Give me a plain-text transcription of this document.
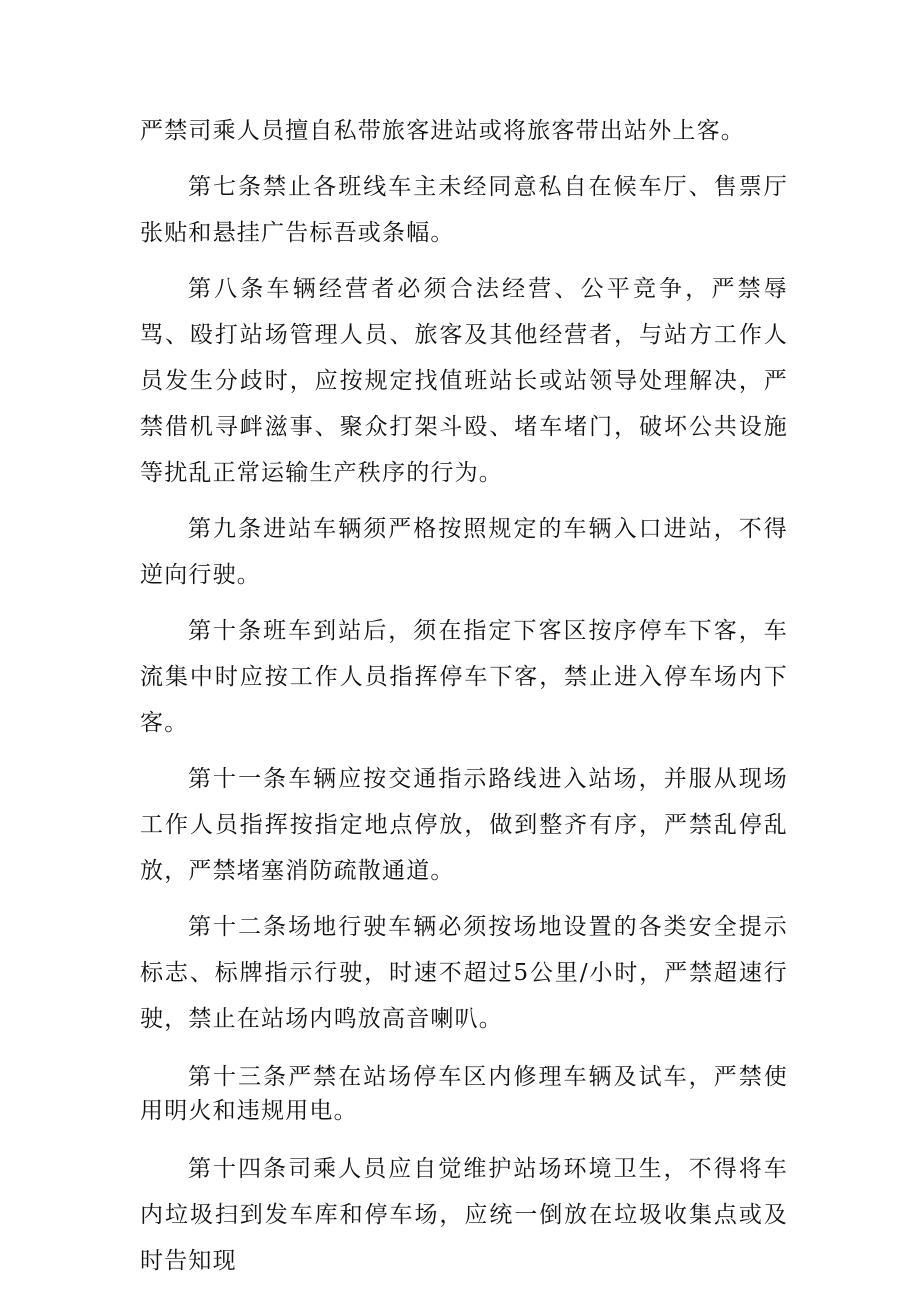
严禁司乘人员擅自私带旅客进站或将旅客带出站外上客。

第七条禁止各班线车主未经同意私自在候车厅、售票厅张贴和悬挂广告标吾或条幅。

第八条车辆经营者必须合法经营、公平竞争，严禁辱骂、殴打站场管理人员、旅客及其他经营者，与站方工作人员发生分歧时，应按规定找值班站长或站领导处理解决，严禁借机寻衅滋事、聚众打架斗殴、堵车堵门，破坏公共设施等扰乱正常运输生产秩序的行为。

第九条进站车辆须严格按照规定的车辆入口进站，不得逆向行驶。

第十条班车到站后，须在指定下客区按序停车下客，车流集中时应按工作人员指挥停车下客，禁止进入停车场内下客。

第十一条车辆应按交通指示路线进入站场，并服从现场工作人员指挥按指定地点停放，做到整齐有序，严禁乱停乱放，严禁堵塞消防疏散通道。

第十二条场地行驶车辆必须按场地设置的各类安全提示标志、标牌指示行驶，时速不超过5公里/小时，严禁超速行驶，禁止在站场内鸣放高音喇叭。

第十三条严禁在站场停车区内修理车辆及试车，严禁使用明火和违规用电。

第十四条司乘人员应自觉维护站场环境卫生，不得将车内垃圾扫到发车库和停车场，应统一倒放在垃圾收集点或及时告知现
